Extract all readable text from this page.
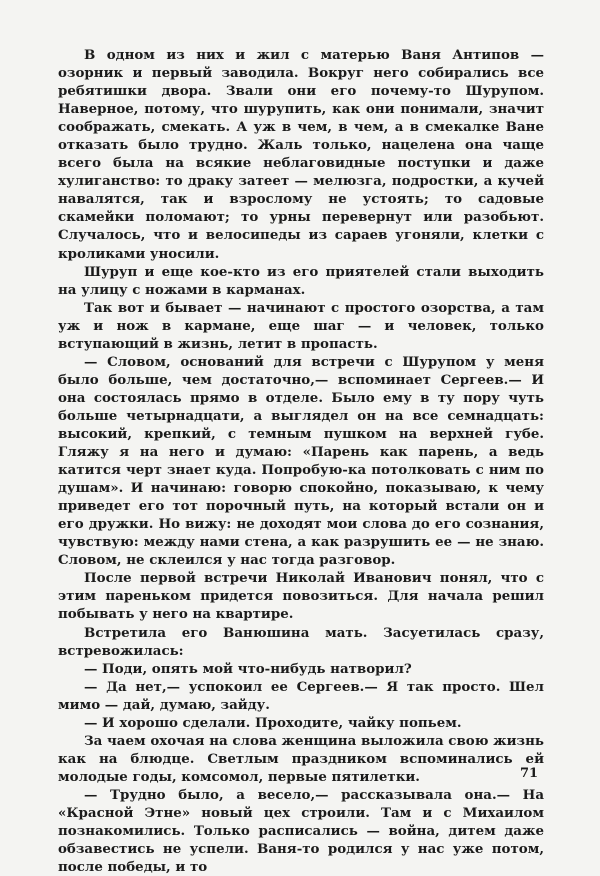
В одном из них и жил с матерью Ваня Антипов — озорник и первый заводила. Вокруг него собирались все ребятишки двора. Звали они его почему-то Шурупом. Наверное, потому, что шурупить, как они понимали, значит соображать, смекать. А уж в чем, в чем, а в смекалке Ване отказать было трудно. Жаль только, нацелена она чаще всего была на всякие неблаговидные поступки и даже хулиганство: то драку затеет — мелюзга, подростки, а кучей навалятся, так и взрослому не устоять; то садовые скамейки поломают; то урны перевернут или разобьют. Случалось, что и велосипеды из сараев угоняли, клетки с кроликами уносили.

Шуруп и еще кое-кто из его приятелей стали выходить на улицу с ножами в карманах.

Так вот и бывает — начинают с простого озорства, а там уж и нож в кармане, еще шаг — и человек, только вступающий в жизнь, летит в пропасть.

— Словом, оснований для встречи с Шурупом у меня было больше, чем достаточно,— вспоминает Сергеев.— И она состоялась прямо в отделе. Было ему в ту пору чуть больше четырнадцати, а выглядел он на все семнадцать: высокий, крепкий, с темным пушком на верхней губе. Гляжу я на него и думаю: «Парень как парень, а ведь катится черт знает куда. Попробую-ка потолковать с ним по душам». И начинаю: говорю спокойно, показываю, к чему приведет его тот порочный путь, на который встали он и его дружки. Но вижу: не доходят мои слова до его сознания, чувствую: между нами стена, а как разрушить ее — не знаю. Словом, не склеился у нас тогда разговор.

После первой встречи Николай Иванович понял, что с этим пареньком придется повозиться. Для начала решил побывать у него на квартире.

Встретила его Ванюшина мать. Засуетилась сразу, встревожилась:

— Поди, опять мой что-нибудь натворил?

— Да нет,— успокоил ее Сергеев.— Я так просто. Шел мимо — дай, думаю, зайду.

— И хорошо сделали. Проходите, чайку попьем.

За чаем охочая на слова женщина выложила свою жизнь как на блюдце. Светлым праздником вспоминались ей молодые годы, комсомол, первые пятилетки.

— Трудно было, а весело,— рассказывала она.— На «Красной Этне» новый цех строили. Там и с Михаилом познакомились. Только расписались — война, дитем даже обзавестись не успели. Ваня-то родился у нас уже потом, после победы, и то

71
